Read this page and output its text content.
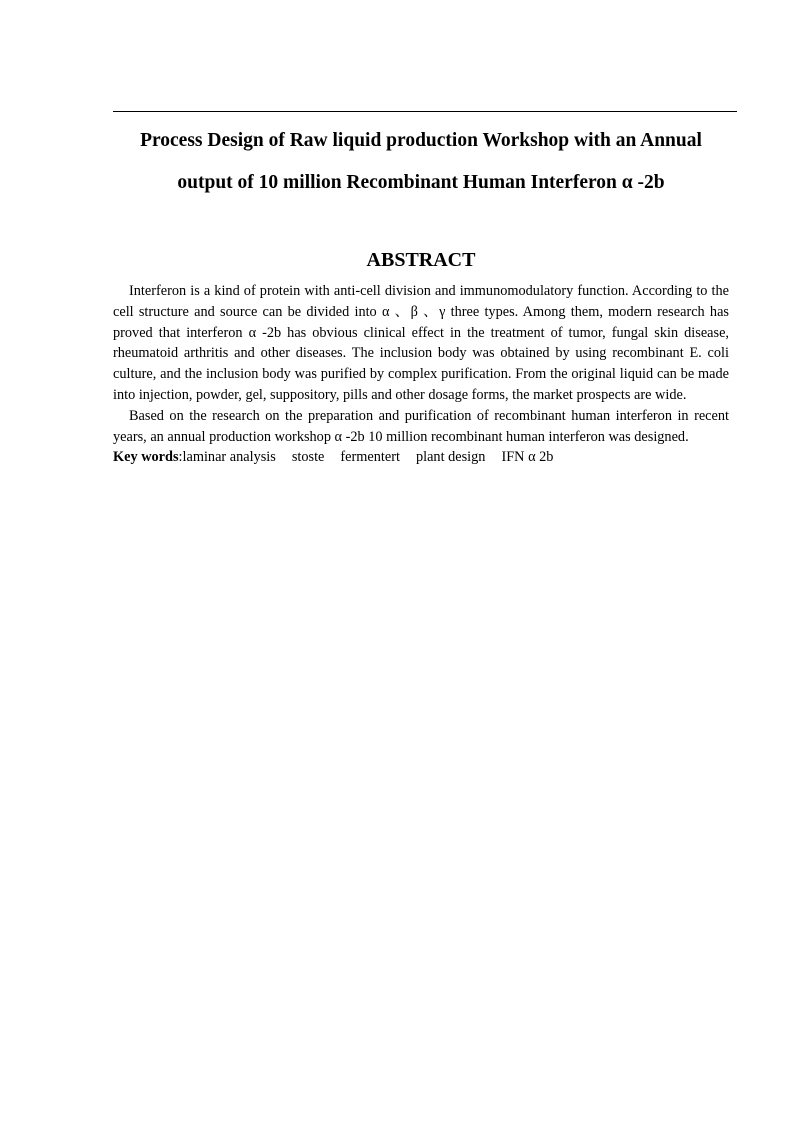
Process Design of Raw liquid production Workshop with an Annual
output of 10 million Recombinant Human Interferon α -2b
ABSTRACT

Interferon is a kind of protein with anti-cell division and immunomodulatory function. According to the cell structure and source can be divided into α 、β 、γ three types. Among them, modern research has proved that interferon α -2b has obvious clinical effect in the treatment of tumor, fungal skin disease, rheumatoid arthritis and other diseases. The inclusion body was obtained by using recombinant E. coli culture, and the inclusion body was purified by complex purification. From the original liquid can be made into injection, powder, gel, suppository, pills and other dosage forms, the market prospects are wide.

Based on the research on the preparation and purification of recombinant human interferon in recent years, an annual production workshop α -2b 10 million recombinant human interferon was designed.

Key words:laminar analysis stoste fermentert plant design IFN α 2b
